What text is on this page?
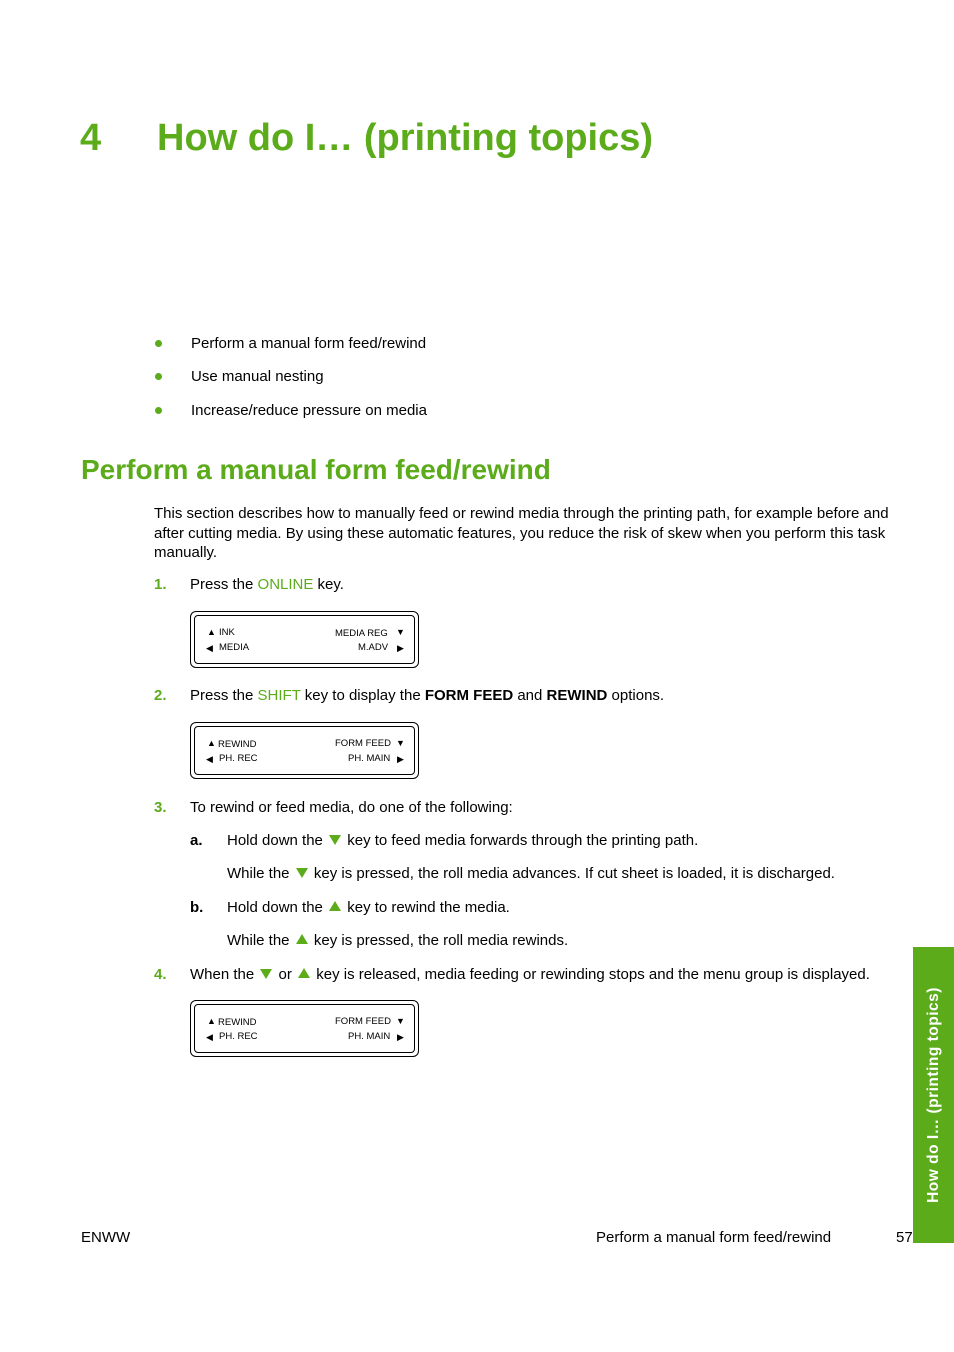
4 How do I… (printing topics)
Perform a manual form feed/rewind
Use manual nesting
Increase/reduce pressure on media
Perform a manual form feed/rewind
This section describes how to manually feed or rewind media through the printing path, for example before and after cutting media. By using these automatic features, you reduce the risk of skew when you perform this task manually.
1. Press the ONLINE key.
▲ INK	MEDIA REG ▼
◀ MEDIA	M.ADV ▶
2. Press the SHIFT key to display the FORM FEED and REWIND options.
▲ REWIND	FORM FEED ▼
◀ PH. REC	PH. MAIN ▶
3. To rewind or feed media, do one of the following:
a. Hold down the  key to feed media forwards through the printing path.
While the  key is pressed, the roll media advances. If cut sheet is loaded, it is discharged.
b. Hold down the  key to rewind the media.
While the  key is pressed, the roll media rewinds.
4. When the  or  key is released, media feeding or rewinding stops and the menu group is displayed.
▲ REWIND	FORM FEED ▼
◀ PH. REC	PH. MAIN ▶	How do I… (printing topics)
ENWW	Perform a manual form feed/rewind	57
